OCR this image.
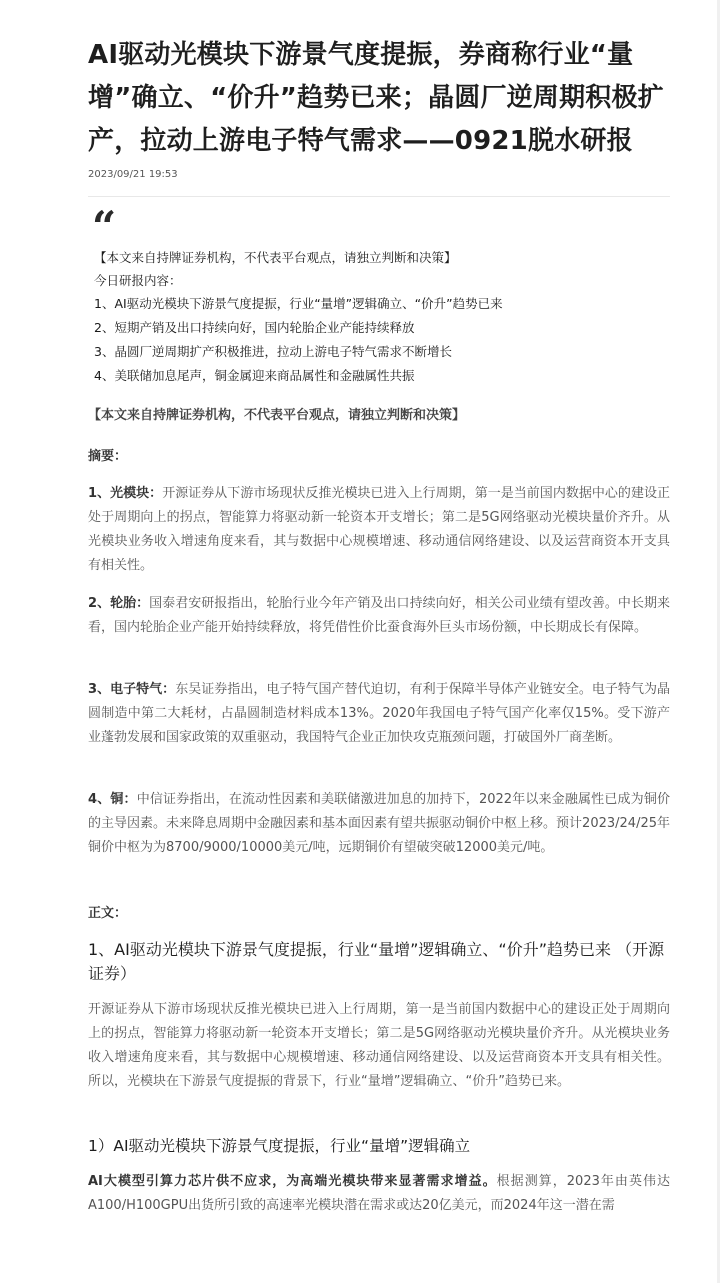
AI驱动光模块下游景气度提振，券商称行业“量增”确立、“价升”趋势已来；晶圆厂逆周期积极扩产，拉动上游电子特气需求——0921脱水研报
2023/09/21 19:53
“
【本文来自持牌证券机构，不代表平台观点，请独立判断和决策】
今日研报内容：
1、AI驱动光模块下游景气度提振，行业“量增”逻辑确立、“价升”趋势已来
2、短期产销及出口持续向好，国内轮胎企业产能持续释放
3、晶圆厂逆周期扩产积极推进，拉动上游电子特气需求不断增长
4、美联储加息尾声，铜金属迎来商品属性和金融属性共振
【本文来自持牌证券机构，不代表平台观点，请独立判断和决策】
摘要：
1、光模块：开源证券从下游市场现状反推光模块已进入上行周期，第一是当前国内数据中心的建设正处于周期向上的拐点，智能算力将驱动新一轮资本开支增长；第二是5G网络驱动光模块量价齐升。从光模块业务收入增速角度来看，其与数据中心规模增速、移动通信网络建设、以及运营商资本开支具有相关性。
2、轮胎：国泰君安研报指出，轮胎行业今年产销及出口持续向好，相关公司业绩有望改善。中长期来看，国内轮胎企业产能开始持续释放，将凭借性价比蚕食海外巨头市场份额，中长期成长有保障。
3、电子特气：东吴证券指出，电子特气国产替代迫切，有利于保障半导体产业链安全。电子特气为晶圆制造中第二大耗材，占晶圆制造材料成本13%。2020年我国电子特气国产化率仅15%。受下游产业蓬勃发展和国家政策的双重驱动，我国特气企业正加快攻克瓶颈问题，打破国外厂商垄断。
4、铜：中信证券指出，在流动性因素和美联储激进加息的加持下，2022年以来金融属性已成为铜价的主导因素。未来降息周期中金融因素和基本面因素有望共振驱动铜价中枢上移。预计2023/24/25年铜价中枢为为8700/9000/10000美元/吨，远期铜价有望破突破12000美元/吨。
正文：
1、AI驱动光模块下游景气度提振，行业“量增”逻辑确立、“价升”趋势已来 （开源证券）
开源证券从下游市场现状反推光模块已进入上行周期，第一是当前国内数据中心的建设正处于周期向上的拐点，智能算力将驱动新一轮资本开支增长；第二是5G网络驱动光模块量价齐升。从光模块业务收入增速角度来看，其与数据中心规模增速、移动通信网络建设、以及运营商资本开支具有相关性。所以，光模块在下游景气度提振的背景下，行业“量增”逻辑确立、“价升”趋势已来。
1）AI驱动光模块下游景气度提振，行业“量增”逻辑确立
AI大模型引算力芯片供不应求，为高端光模块带来显著需求增益。根据测算，2023年由英伟达A100/H100GPU出货所引致的高速率光模块潜在需求或达20亿美元，而2024年这一潜在需
